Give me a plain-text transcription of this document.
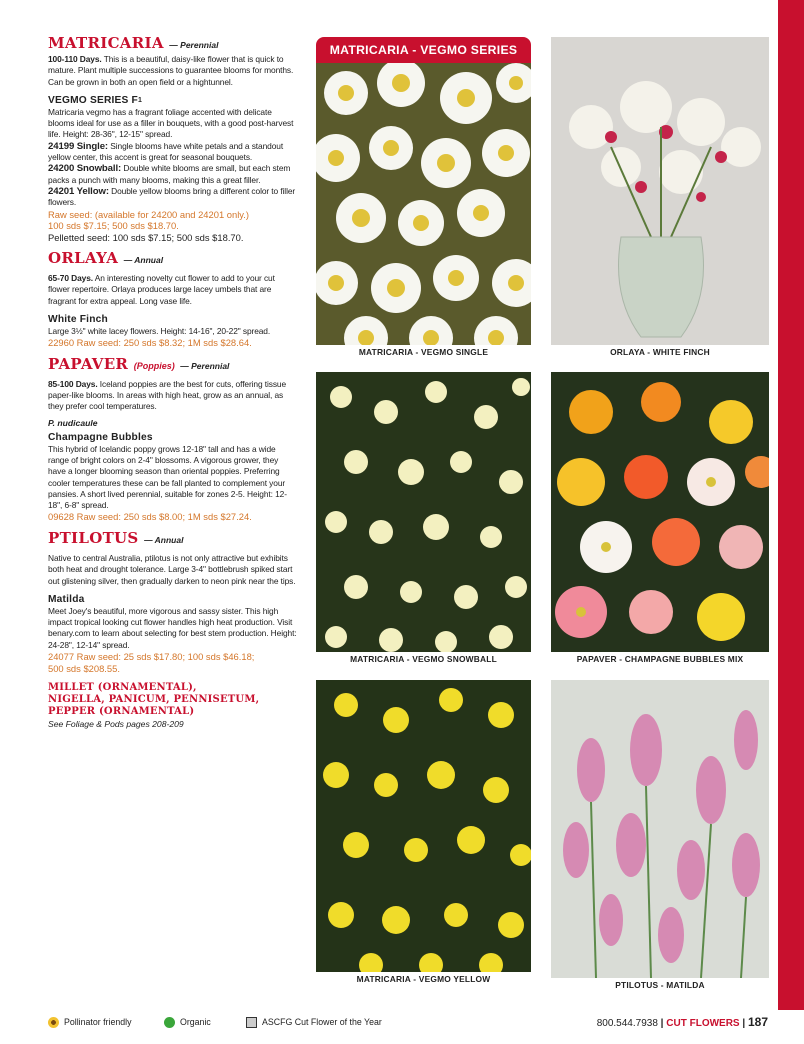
MATRICARIA — Perennial

100-110 Days. This is a beautiful, daisy-like flower that is quick to mature. Plant multiple successions to guarantee blooms for months. Can be grown in both an open field or a hightunnel.

VEGMO SERIES $F^1$

Matricaria vegmo has a fragrant foliage accented with delicate blooms ideal for use as a filler in bouquets, with a good post-harvest life. Height: 28-36", 12-15" spread.

24199 Single: Single blooms have white petals and a standout yellow center, this accent is great for seasonal bouquets.

24200 Snowball: Double white blooms are small, but each stem packs a punch with many blooms, making this a great filler.

24201 Yellow: Double yellow blooms bring a different color to filler flowers.

Raw seed: (available for 24200 and 24201 only.)
100 sds $7.15; 500 sds $18.70.
Pelletted seed: 100 sds $7.15; 500 sds $18.70.
ORLAYA — Annual

65-70 Days. An interesting novelty cut flower to add to your cut flower repertoire. Orlaya produces large lacey umbels that are fragrant for extra appeal. Long vase life.

White Finch

Large 3½" white lacey flowers. Height: 14-16", 20-22" spread.

22960 Raw seed: 250 sds $8.32; 1M sds $28.64.
PAPAVER (Poppies) — Perennial

85-100 Days. Iceland poppies are the best for cuts, offering tissue paper-like blooms. In areas with high heat, grow as an annual, as they prefer cool temperatures.

P. nudicaule
Champagne Bubbles

This hybrid of Icelandic poppy grows 12-18" tall and has a wide range of bright colors on 2-4" blossoms. A vigorous grower, they have a longer blooming season than oriental poppies. Preferring cooler temperatures these can be fall planted to complement your pansies. A short lived perennial, suitable for zones 2-5. Height: 12-18", 6-8" spread.

09628 Raw seed: 250 sds $8.00; 1M sds $27.24.
PTILOTUS — Annual

Native to central Australia, ptilotus is not only attractive but exhibits both heat and drought tolerance. Large 3-4" bottlebrush spiked start out glistening silver, then gradually darken to neon pink near the tips.

Matilda

Meet Joey's beautiful, more vigorous and sassy sister. This high impact tropical looking cut flower handles high heat production. Visit benary.com to learn about selecting for best stem production. Height: 24-28", 12-14" spread.

24077 Raw seed: 25 sds $17.80; 100 sds $46.18;
500 sds $208.55.
MILLET (ORNAMENTAL),
NIGELLA, PANICUM, PENNISETUM,
PEPPER (ORNAMENTAL)
See Foliage & Pods pages 208-209
MATRICARIA - VEGMO SERIES
MATRICARIA - VEGMO SINGLE	ORLAYA - WHITE FINCH
MATRICARIA - VEGMO SNOWBALL	PAPAVER - CHAMPAGNE BUBBLES MIX
MATRICARIA - VEGMO YELLOW
PTILOTUS - MATILDA
Pollinator friendly	Organic	ASCFG Cut Flower of the Year	800.544.7938 | CUT FLOWERS | 187
